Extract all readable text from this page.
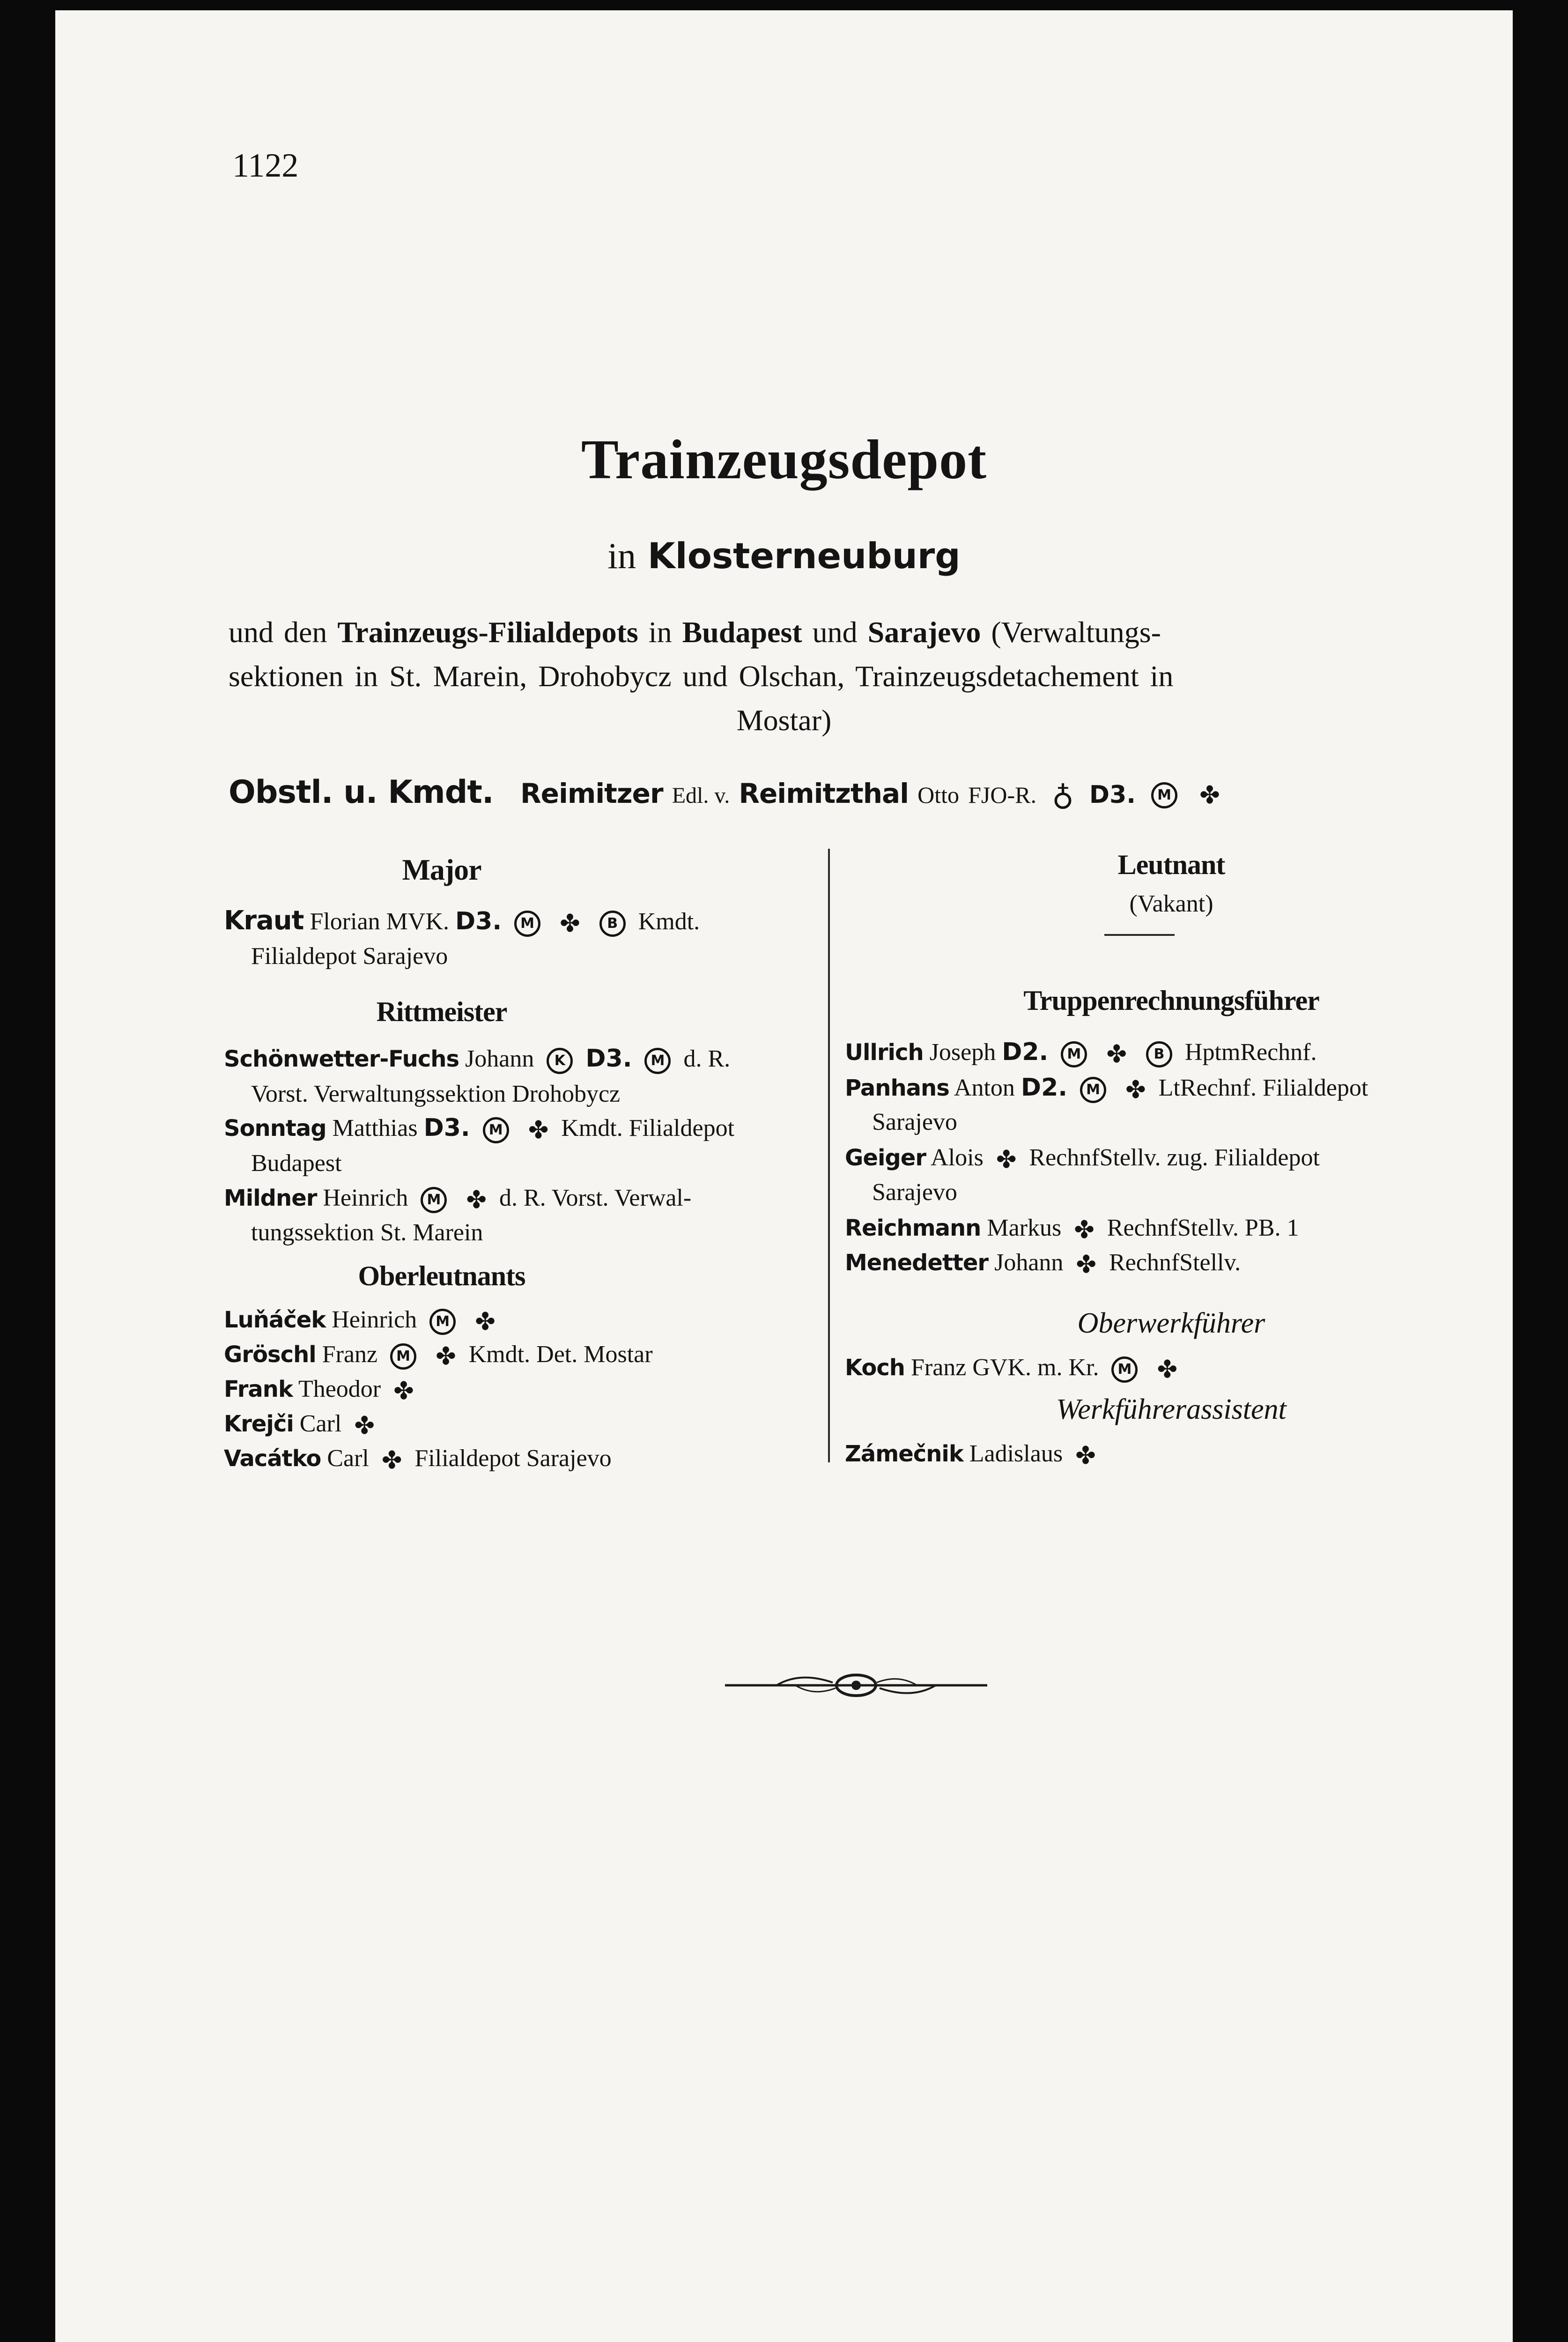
1122
Trainzeugsdepot
in Klosterneuburg
und den Trainzeugs-Filialdepots in Budapest und Sarajevo (Verwaltungs-
sektionen in St. Marein, Drohobycz und Olschan, Trainzeugsdetachement in
Mostar)
Obstl. u. Kmdt. Reimitzer Edl. v. Reimitzthal Otto FJO-R. ♁ D3. M ✤
Major
Kraut Florian MVK. D3. M ✤ B Kmdt.
Filialdepot Sarajevo
Rittmeister
Schönwetter-Fuchs Johann K D3. M d. R.
Vorst. Verwaltungssektion Drohobycz
Sonntag Matthias D3. M ✤ Kmdt. Filialdepot
Budapest
Mildner Heinrich M ✤ d. R. Vorst. Verwal-
tungssektion St. Marein
Oberleutnants
Luňáček Heinrich M ✤
Gröschl Franz M ✤ Kmdt. Det. Mostar
Frank Theodor ✤
Krejči Carl ✤
Vacátko Carl ✤ Filialdepot Sarajevo
Leutnant
(Vakant)
Truppenrechnungsführer
Ullrich Joseph D2. M ✤ B HptmRechnf.
Panhans Anton D2. M ✤ LtRechnf. Filialdepot
Sarajevo
Geiger Alois ✤ RechnfStellv. zug. Filialdepot
Sarajevo
Reichmann Markus ✤ RechnfStellv. PB. 1
Menedetter Johann ✤ RechnfStellv.
Oberwerkführer
Koch Franz GVK. m. Kr. M ✤
Werkführerassistent
Zámečnik Ladislaus ✤
